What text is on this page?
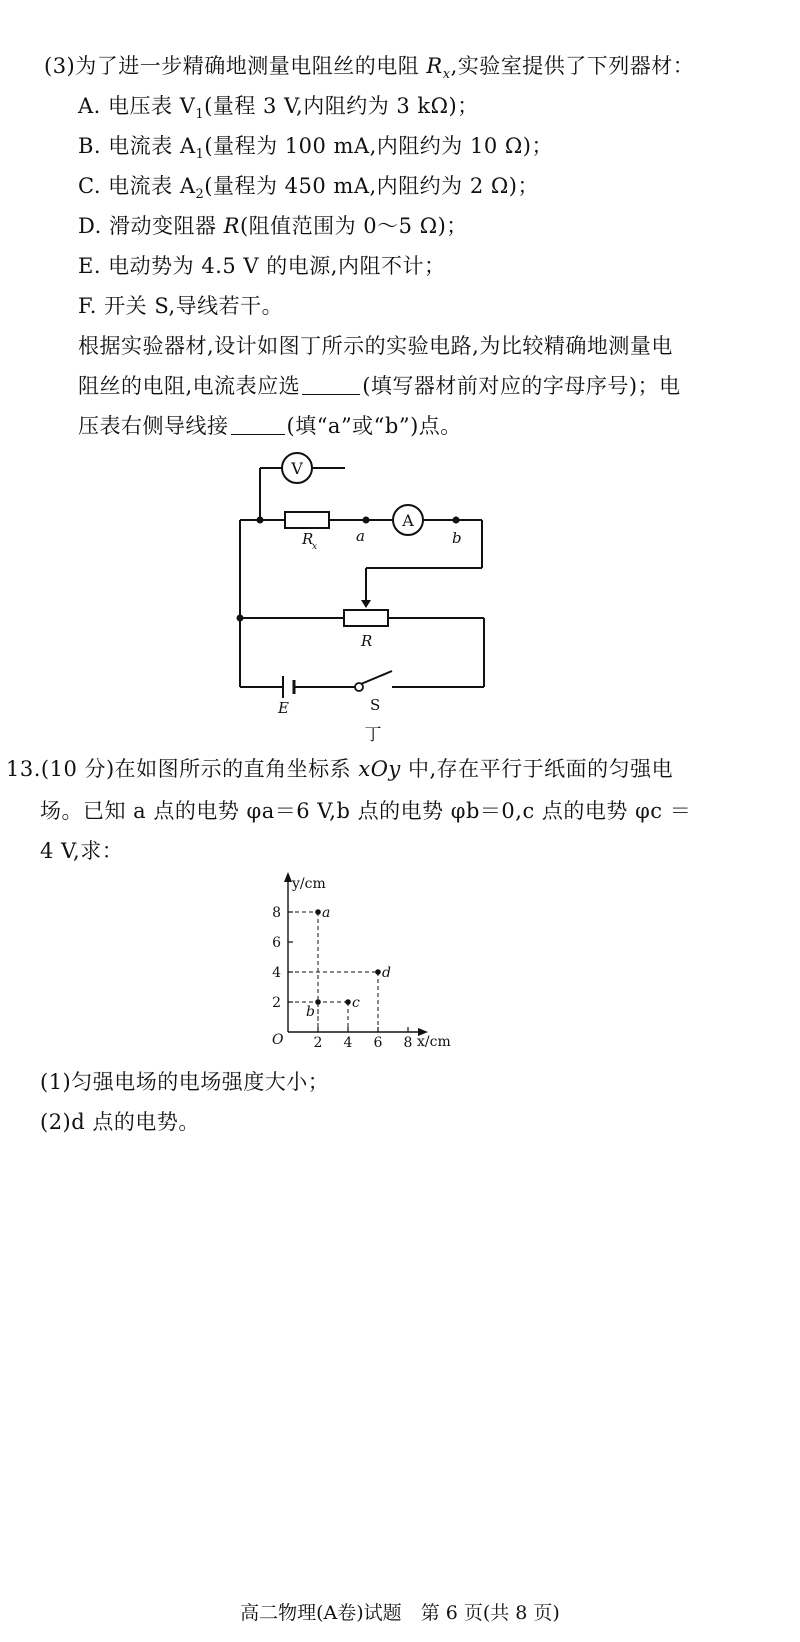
(3)为了进一步精确地测量电阻丝的电阻 $R_x$,实验室提供了下列器材：
A. 电压表 $V_1$(量程 3 V,内阻约为 3 kΩ)；
B. 电流表 $A_1$(量程为 100 mA,内阻约为 10 Ω)；
C. 电流表 $A_2$(量程为 450 mA,内阻约为 2 Ω)；
D. 滑动变阻器 R(阻值范围为 0～5 Ω)；
E. 电动势为 4.5 V 的电源,内阻不计；
F. 开关 S,导线若干。
根据实验器材,设计如图丁所示的实验电路,为比较精确地测量电
阻丝的电阻,电流表应选	(填写器材前对应的字母序号)；电
压表右侧导线接	(填“a”或“b”)点。
V
R
x
A
a	b
R
S
E
丁
13.(10 分)在如图所示的直角坐标系 xOy 中,存在平行于纸面的匀强电
场。已知 a 点的电势 φa＝6 V,b 点的电势 φb＝0,c 点的电势 φc ＝
4 V,求：
y/cm
x/cm
O 2 4 6 8
2
4
6
8	a
b
c
d
(1)匀强电场的电场强度大小；
(2)d 点的电势。
高二物理(A卷)试题　第 6 页(共 8 页)
